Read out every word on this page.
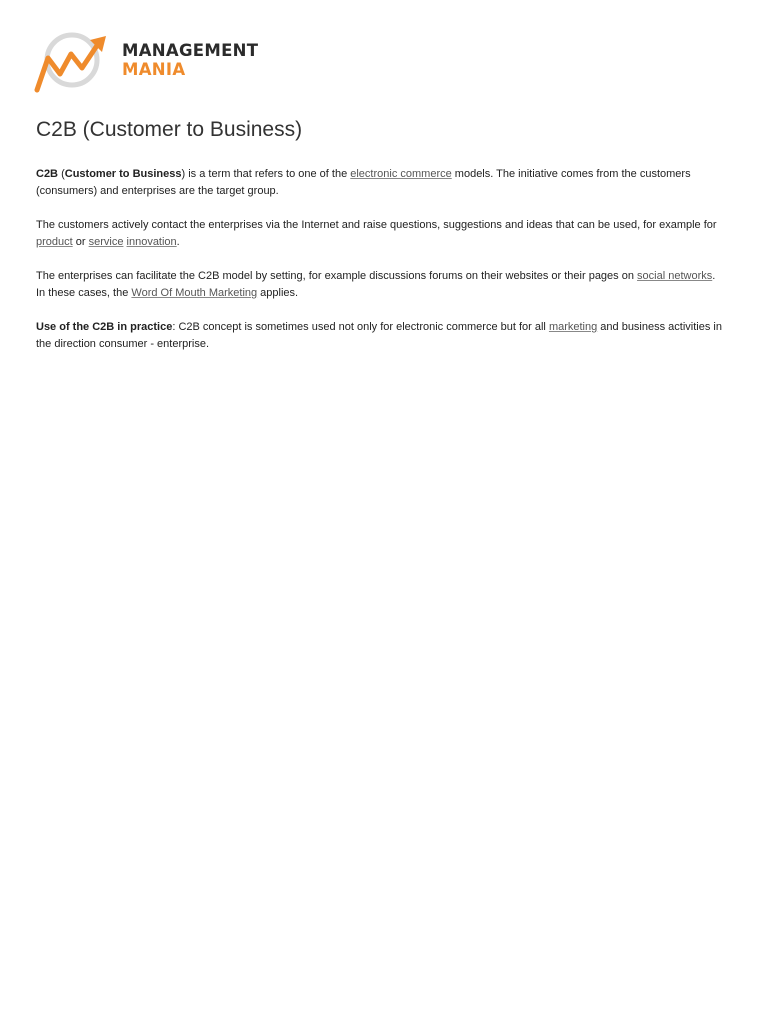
MANAGEMENT
MANIA
C2B (Customer to Business)

C2B (Customer to Business) is a term that refers to one of the electronic commerce models. The initiative comes from the customers (consumers) and enterprises are the target group.

The customers actively contact the enterprises via the Internet and raise questions, suggestions and ideas that can be used, for example for product or service innovation.

The enterprises can facilitate the C2B model by setting, for example discussions forums on their websites or their pages on social networks. In these cases, the Word Of Mouth Marketing applies.

Use of the C2B in practice: C2B concept is sometimes used not only for electronic commerce but for all marketing and business activities in the direction consumer - enterprise.
